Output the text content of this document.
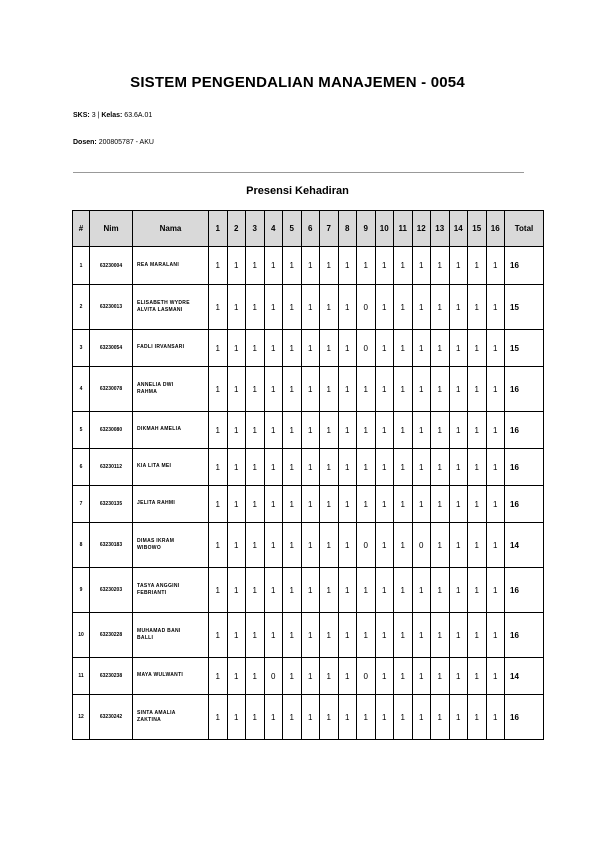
SISTEM PENGENDALIAN MANAJEMEN - 0054
SKS: 3 | Kelas: 63.6A.01
Dosen: 200805787 - AKU
Presensi Kehadiran
#	Nim	Nama	1	2	3	4	5	6	7	8	9	10	11	12	13	14	15	16	Total
1	63230004	REA MARALANI	1	1	1	1	1	1	1	1	1	1	1	1	1	1	1	1	16
2	63230013	ELISABETH WYDRE
ALVITA LASMANI	1	1	1	1	1	1	1	1	0	1	1	1	1	1	1	1	15
3	63230054	FADLI IRVANSARI	1	1	1	1	1	1	1	1	0	1	1	1	1	1	1	1	15
4	63230078	ANNELIA DWI
RAHMA	1	1	1	1	1	1	1	1	1	1	1	1	1	1	1	1	16
5	63230080	DIKMAH AMELIA	1	1	1	1	1	1	1	1	1	1	1	1	1	1	1	1	16
6	63230112	KIA LITA MEI	1	1	1	1	1	1	1	1	1	1	1	1	1	1	1	1	16
7	63230135	JELITA RAHMI	1	1	1	1	1	1	1	1	1	1	1	1	1	1	1	1	16
8	63230183	DIMAS IKRAM
WIBOWO	1	1	1	1	1	1	1	1	0	1	1	0	1	1	1	1	14
9	63230203	TASYA ANGGINI
FEBRIANTI	1	1	1	1	1	1	1	1	1	1	1	1	1	1	1	1	16
10	63230228	MUHAMAD BANI
BALLI	1	1	1	1	1	1	1	1	1	1	1	1	1	1	1	1	16
11	63230238	MAYA WULWANTI	1	1	1	0	1	1	1	1	0	1	1	1	1	1	1	1	14
12	63230242	SINTA AMALIA
ZAKTINA	1	1	1	1	1	1	1	1	1	1	1	1	1	1	1	1	16
